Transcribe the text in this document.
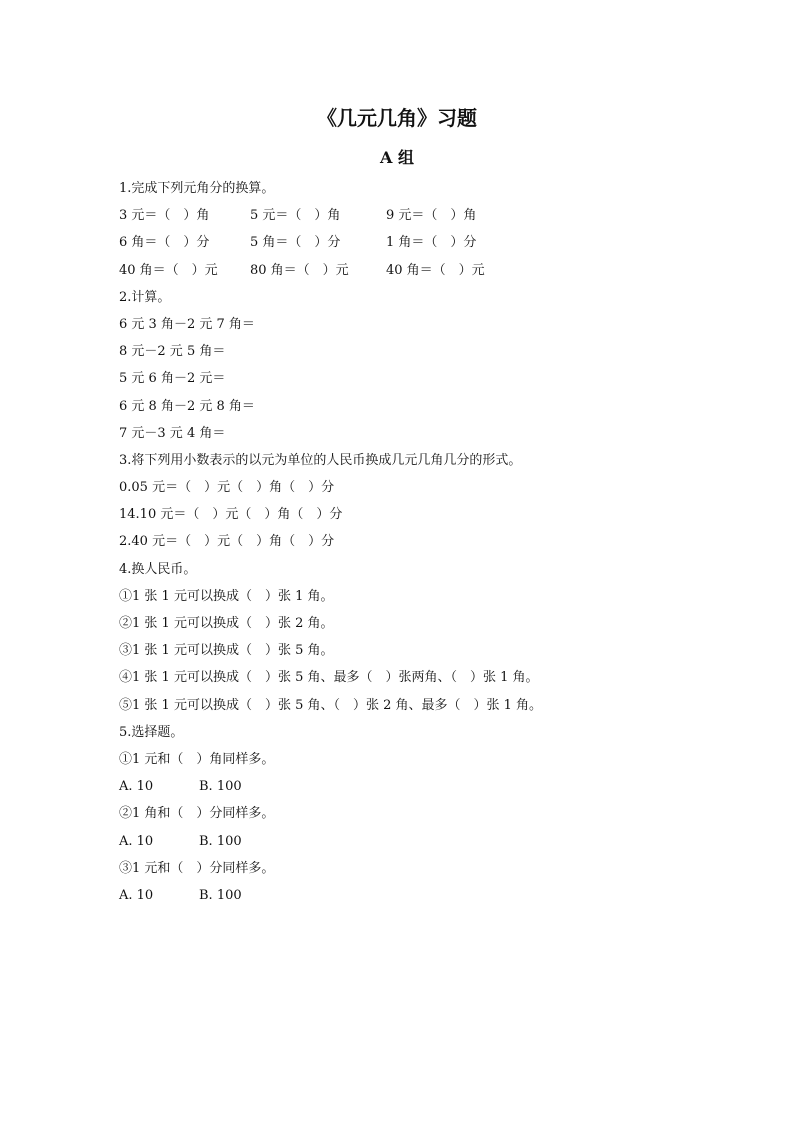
《几元几角》习题
A 组
1.完成下列元角分的换算。
3 元＝（　）角	5 元＝（　）角	9 元＝（　）角
6 角＝（　）分	5 角＝（　）分	1 角＝（　）分
40 角＝（　）元 80 角＝（　）元	40 角＝（　）元
2.计算。
6 元 3 角－2 元 7 角＝
8 元－2 元 5 角＝
5 元 6 角－2 元＝
6 元 8 角－2 元 8 角＝
7 元－3 元 4 角＝
3.将下列用小数表示的以元为单位的人民币换成几元几角几分的形式。
0.05 元＝（　）元（　）角（　）分
14.10 元＝（　）元（　）角（　）分
2.40 元＝（　）元（　）角（　）分
4.换人民币。
①1 张 1 元可以换成（　）张 1 角。
②1 张 1 元可以换成（　）张 2 角。
③1 张 1 元可以换成（　）张 5 角。
④1 张 1 元可以换成（　）张 5 角、最多（　）张两角、（　）张 1 角。
⑤1 张 1 元可以换成（　）张 5 角、（　）张 2 角、最多（　）张 1 角。
5.选择题。
①1 元和（　）角同样多。
A. 10	B. 100
②1 角和（　）分同样多。
A. 10	B. 100
③1 元和（　）分同样多。
A. 10	B. 100
